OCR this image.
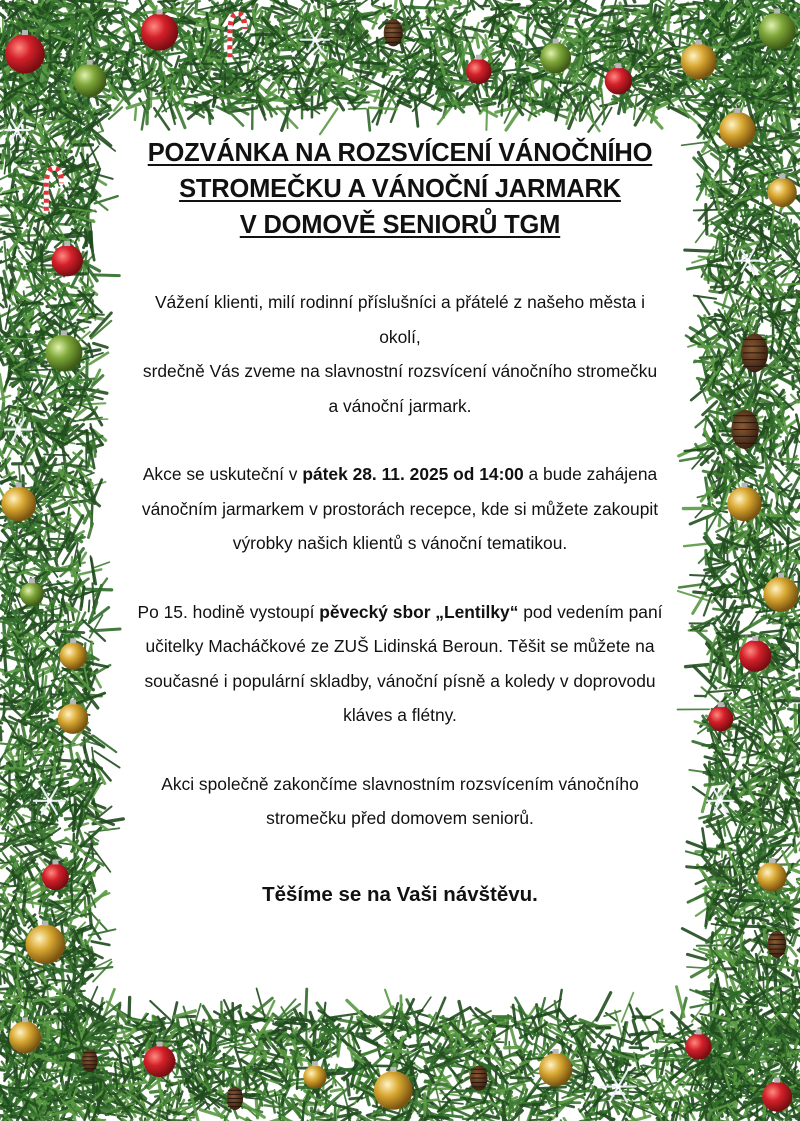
POZVÁNKA NA ROZSVÍCENÍ VÁNOČNÍHO
STROMEČKU A VÁNOČNÍ JARMARK
V DOMOVĚ SENIORŮ TGM
Vážení klienti, milí rodinní příslušníci a přátelé z našeho města i
okolí,
srdečně Vás zveme na slavnostní rozsvícení vánočního stromečku
a vánoční jarmark.
Akce se uskuteční v pátek 28. 11. 2025 od 14:00 a bude zahájena
vánočním jarmarkem v prostorách recepce, kde si můžete zakoupit
výrobky našich klientů s vánoční tematikou.
Po 15. hodině vystoupí pěvecký sbor „Lentilky“ pod vedením paní
učitelky Macháčkové ze ZUŠ Lidinská Beroun. Těšit se můžete na
současné i populární skladby, vánoční písně a koledy v doprovodu
kláves a flétny.
Akci společně zakončíme slavnostním rozsvícením vánočního
stromečku před domovem seniorů.
Těšíme se na Vaši návštěvu.
